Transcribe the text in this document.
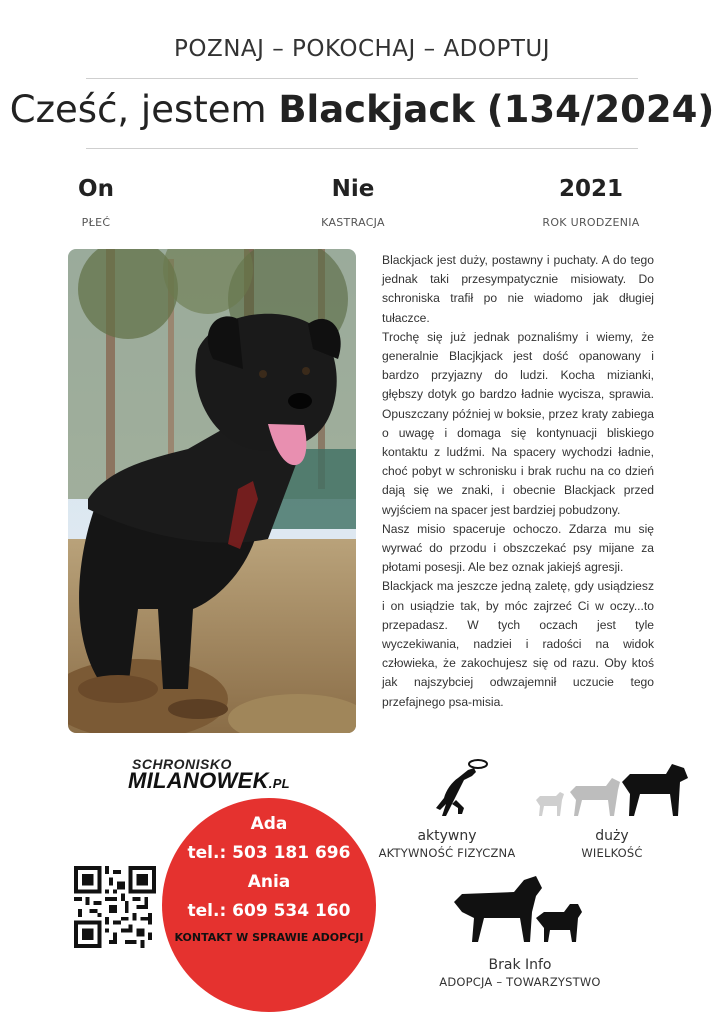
POZNAJ – POKOCHAJ – ADOPTUJ
Cześć, jestem Blackjack (134/2024)
On
PŁEĆ
Nie
KASTRACJA
2021
ROK URODZENIA

Blackjack jest duży, postawny i puchaty. A do tego jednak taki przesympatycznie misiowaty. Do schroniska trafił po nie wiadomo jak długiej tułaczce.

Trochę się już jednak poznaliśmy i wiemy, że generalnie Blacjkjack jest dość opanowany i bardzo przyjazny do ludzi. Kocha mizianki, głębszy dotyk go bardzo ładnie wycisza, sprawia. Opuszczany później w boksie, przez kraty zabiega o uwagę i domaga się kontynuacji bliskiego kontaktu z ludźmi. Na spacery wychodzi ładnie, choć pobyt w schronisku i brak ruchu na co dzień dają się we znaki, i obecnie Blackjack przed wyjściem na spacer jest bardziej pobudzony.

Nasz misio spaceruje ochoczo. Zdarza mu się wyrwać do przodu i obszczekać psy mijane za płotami posesji. Ale bez oznak jakiejś agresji.

Blackjack ma jeszcze jedną zaletę, gdy usiądziesz i on usiądzie tak, by móc zajrzeć Ci w oczy...to przepadasz. W tych oczach jest tyle wyczekiwania, nadziei i radości na widok człowieka, że zakochujesz się od razu. Oby ktoś jak najszybciej odwzajemnił uczucie tego przefajnego psa-misia.

SCHRONISKO
MILANOWEK.PL
Ada
tel.: 503 181 696
Ania
tel.: 609 534 160
KONTAKT W SPRAWIE ADOPCJI
aktywny
AKTYWNOŚĆ FIZYCZNA
duży
WIELKOŚĆ
Brak Info
ADOPCJA – TOWARZYSTWO
